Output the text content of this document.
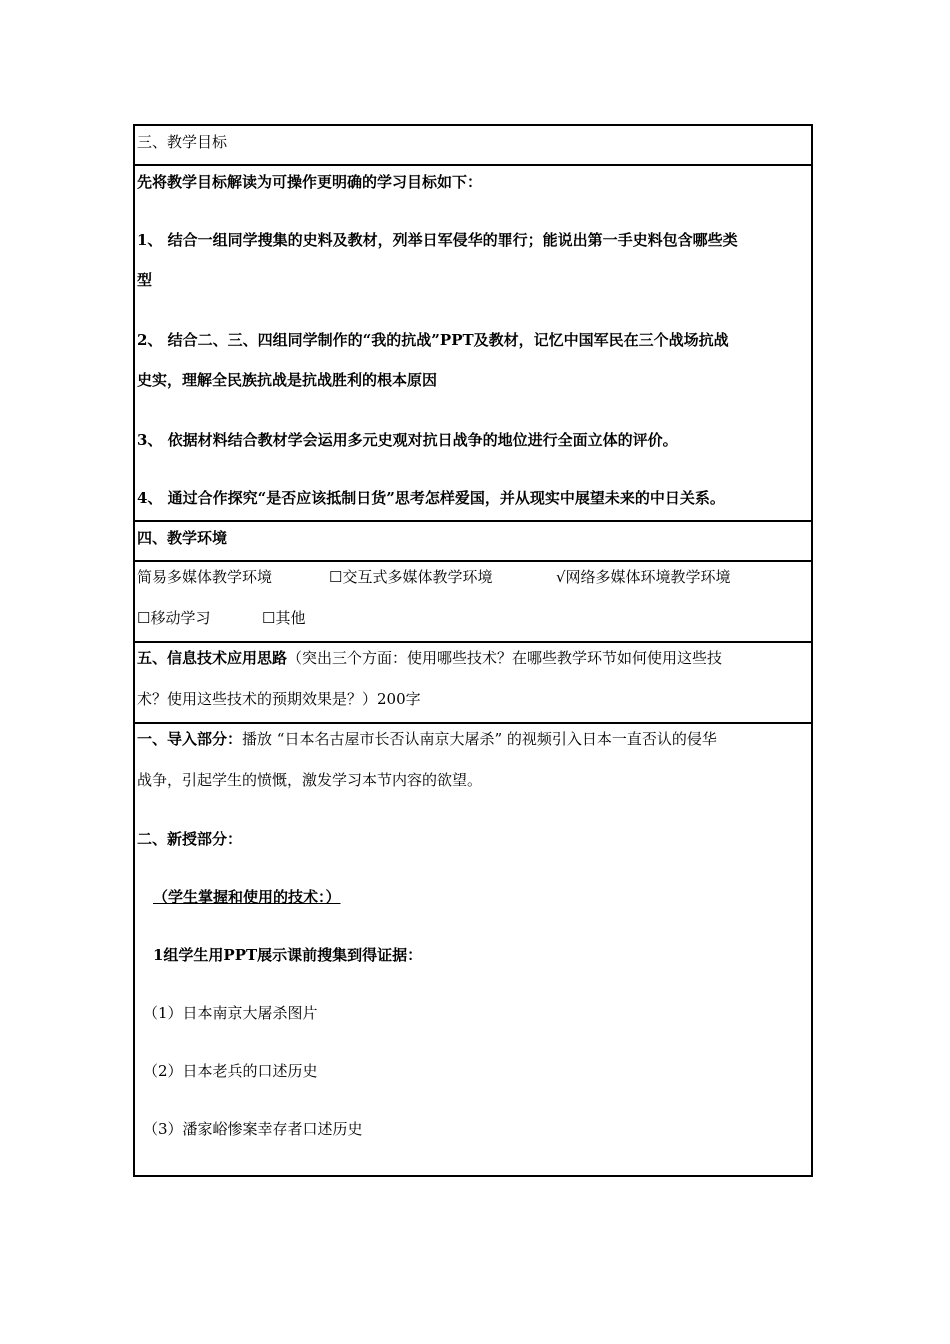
三、教学目标
先将教学目标解读为可操作更明确的学习目标如下：
1、 结合一组同学搜集的史料及教材，列举日军侵华的罪行；能说出第一手史料包含哪些类
型
2、 结合二、三、四组同学制作的“我的抗战”PPT及教材，记忆中国军民在三个战场抗战
史实，理解全民族抗战是抗战胜利的根本原因
3、 依据材料结合教材学会运用多元史观对抗日战争的地位进行全面立体的评价。
4、 通过合作探究“是否应该抵制日货”思考怎样爱国，并从现实中展望未来的中日关系。
四、教学环境
简易多媒体教学环境	☐交互式多媒体教学环境	√网络多媒体环境教学环境
☐移动学习	☐其他
五、信息技术应用思路（突出三个方面：使用哪些技术？在哪些教学环节如何使用这些技
术？使用这些技术的预期效果是？）200字
一、导入部分：播放 “日本名古屋市长否认南京大屠杀” 的视频引入日本一直否认的侵华
战争，引起学生的愤慨，激发学习本节内容的欲望。
二、新授部分：
（学生掌握和使用的技术：）
1组学生用PPT展示课前搜集到得证据：
（1）日本南京大屠杀图片
（2）日本老兵的口述历史
（3）潘家峪惨案幸存者口述历史
